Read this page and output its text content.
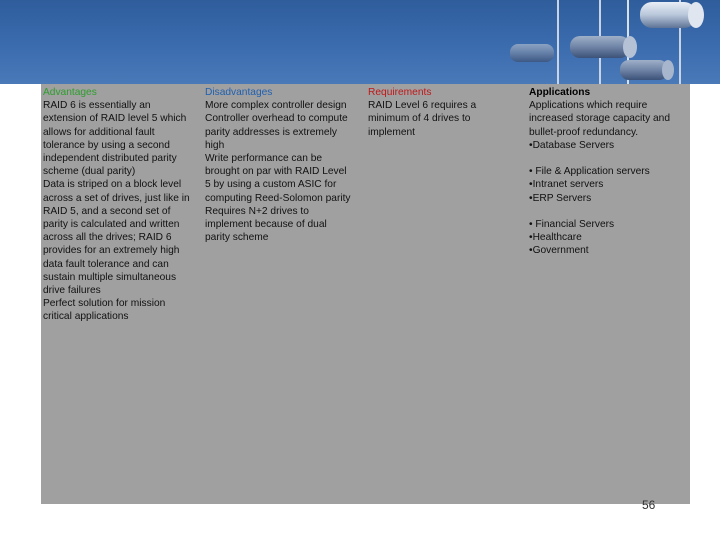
Advantages
RAID 6 is essentially an
extension of RAID level 5 which
allows for additional fault
tolerance by using a second
independent distributed parity
scheme (dual parity)
Data is striped on a block level
across a set of drives, just like in
RAID 5, and a second set of
parity is calculated and written
across all the drives; RAID 6
provides for an extremely high
data fault tolerance and can
sustain multiple simultaneous
drive failures
Perfect solution for mission
critical applications
Disadvantages
More complex controller design
Controller overhead to compute
parity addresses is extremely
high
Write performance can be
brought on par with RAID Level
5 by using a custom ASIC for
computing Reed-Solomon parity
Requires N+2 drives to
implement because of dual
parity scheme
Requirements
RAID Level 6 requires a
minimum of 4 drives to
implement
Applications
Applications which require
increased storage capacity and
bullet-proof redundancy.
•Database Servers
• File & Application servers
•Intranet servers
•ERP Servers
• Financial Servers
•Healthcare
•Government
56
